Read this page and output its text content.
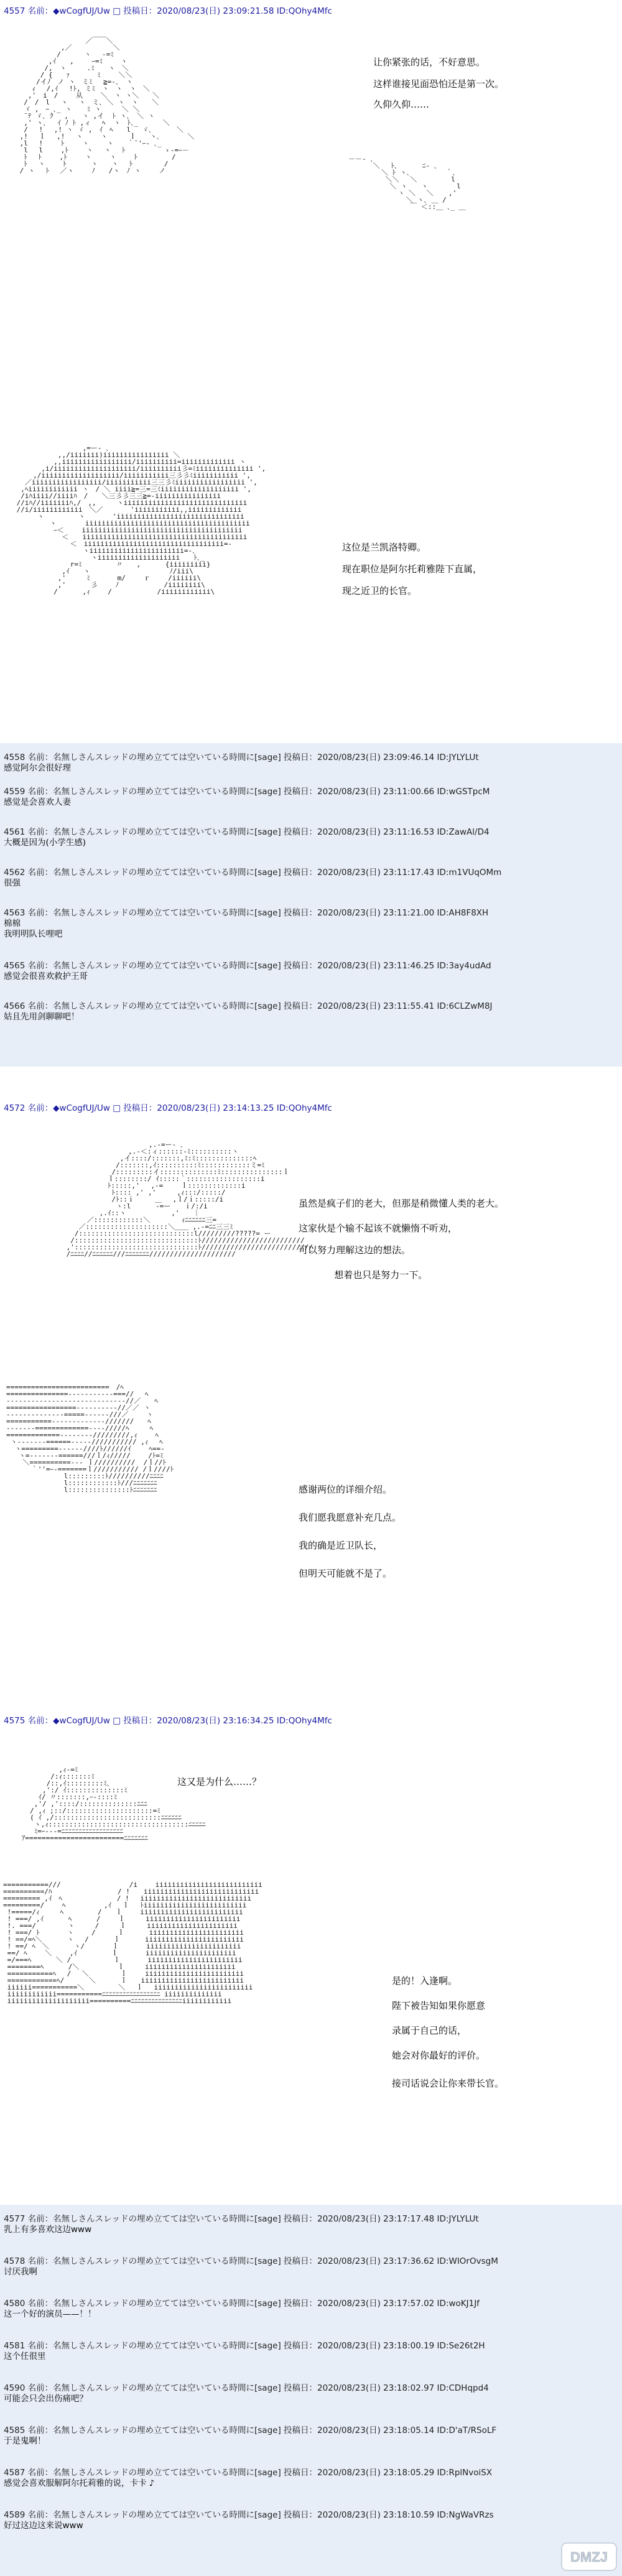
4557 名前：◆wCogfUJ/Uw □ 投稿日：2020/08/23(日) 23:09:21.58 ID:QOhy4Mfc
／￣￣＼
,／　　　　　　＼
/    　ヽ　 -=ﾐ
,ｲ　　,　　 ｰ=ﾐ　　 ヽ
/,　ヽ　　　.ﾐ　　ヽ　＼
/ {　　ｧ　　　　ﾐ　　 ＼＼
/イﾉ　ノ ヽ　ミﾐ　 ≧=-､　ヽ
ｨ　 /,ｲ　 !ﾄ, ミﾐ　ヽ　ヽ　ヽ　＼
,'　i　/　　 从　　 ＼　ヽ ヽ＼　　＼
/　/　l　 ヽ　 ヽ　ミ､ ＼ ヽ　ヽ　　＼
ゞ ,　ｰ ､_ ヽ 　 ﾐ ヽ　　　＼ ＼
¨ﾃ ゞ､ ｸ　 ,　　ヽ ,イ  ﾄ ヽ､　＼ ヽ
,' ヽ､　 ｲ ﾉ ﾄ ,ィ　 ﾍ  ヽ　ﾄ､_　　　 ＼
/　 !　 ,! ヽ ゞ ,　ｲ　ﾍ　　l　 ゞ､　　　 ＼
,!　 ｌ　 ,!　 ヽ　　 ヽ　　  ｌ　　ヽ､　　　　＼
,l　 !　　 ﾄ　　 ヽ 　　ヽ　　｀¨'ｰ- ､_
l　 l　　 ,ﾄ　　 ヽ　 ヽ　 ﾄ　　　　　 ゝ-=ｰ－
ﾄ　 ﾄ　　 ,ﾄ 　　ヽ　　 ヽ　　 ﾄ　　　　　/
ﾄ　 ヽ　　 ﾄ　　　 ヽ　　ヽ　 ﾄ　　　　 /
/ ヽ　 ﾄ　 ／ヽ　　 ﾉ　　/ヽ　ﾉ ヽ　　 ノ
－－- ､
＼　 ﾄ､　　　 ﾆ- ､
＼ ﾄ ヽ､ 　　　　 ｀､
＼＼　 ＼　　　　　l
＼ ヽ　　ヽ 　　　 l
ヽ ＼　 ＼ 　 ,'
＼ ヽ､ ＿ /
￣ ＜::＿ ､_ ＿
让你紧张的话，不好意思。
这样谁接见面恐怕还是第一次。
久仰久仰……
,=ー‐ ､
,,/iiiiiii)iiiiiiiiiiiiiiii ＼
,,iiiiiiiiiiiiiiiii/iiiiiiiiii=iiiiiiiiiiiii ヽ
,i/iiiiiiiiiiiiiiiiiiii/iiiiiiiiii彡=ﾐiiiiiiiiiiiiii ',
,/iiiiiiiiiiiiiiiiiii/iiiiiiiiiii三彡彡ﾐiiiiiiiiiii ',
／iiiiiiiiiiiiiiiii/iiiiiiiiiii三三彡ﾐiiiiiiiiiiiiiiiii ',
,ﾍiiiiiiiiiiii ヽ　/ ＼ iiii≧=三=三ﾐiiiiiiiiiiiiiiiiiii ',
/iﾊiiii//iiiiﾊ　/　　＼三彡彡三三≧=-iiiiiiiiiiiiiiii
//iﾊ//iiiiiiiﾊ,/　,,　　　ヽiiiiiiiiiiiiiiiiiiiiiiiiiiiiii
//i/iiiiiiiiiiii　＼／　　　　'iiiiiiiiiii,,iiiiiiiiiiiii
ヽ　　　　　ヽ　　　　'iiiiiiiiiiiiiiiiiiiiiiiiiiiiiii
ヽ　　 　 iiiiiiiiiiiiiiiiiiiiiiiiiiiiiiiiiiiiiiii
ｰ＜　　 iiiiiiiiiiiiiiiiiiiiiiiiiiiiiiiiiiiiiii
＜　　iiiiiiiiiiiiiiiiiiiiiiiiiiiiiiiiiiiiiiii
＜　iiiiiiiiiiiiiiiiiiiiiiiiiiiiiiiiii=-
ヽiiiiiiiiiiiiiiiiiiiiiii=-､
ヽiiiiiiiiiiiiiiiiiiii　　ﾄ､_
r=ﾐ　　　　　〃　　,　　　 {iiiiiiiii}
,ｲ　　ヽ　　　　　　　　　　　 ﾉ/iii\
,'　　　ﾐ　　　　m/　　 ｒ　　 /iiiiii\
,'　　　 彡　　 ﾉ　　　　　　 /iiiiiiii\
/　　　 ,ｨ　　 /　　　　　　 /iiiiiiiiiiii\
这位是兰凯洛特卿。
现在职位是阿尔托莉雅陛下直属，
现之近卫的长官。
4558 名前：名無しさんスレッドの埋め立てては空いている時間に[sage] 投稿日：2020/08/23(日) 23:09:46.14 ID:JYLYLUt
感觉阿尔会很好理
4559 名前：名無しさんスレッドの埋め立てては空いている時間に[sage] 投稿日：2020/08/23(日) 23:11:00.66 ID:wGSTpcM
感觉是会喜欢人妻
4561 名前：名無しさんスレッドの埋め立てては空いている時間に[sage] 投稿日：2020/08/23(日) 23:11:16.53 ID:ZawAl/D4
大概是因为(小学生感)
4562 名前：名無しさんスレッドの埋め立てては空いている時間に[sage] 投稿日：2020/08/23(日) 23:11:17.43 ID:m1VUqOMm
很强
4563 名前：名無しさんスレッドの埋め立てては空いている時間に[sage] 投稿日：2020/08/23(日) 23:11:21.00 ID:AH8F8XH
棉棉
我明明队长哩吧
4565 名前：名無しさんスレッドの埋め立てては空いている時間に[sage] 投稿日：2020/08/23(日) 23:11:46.25 ID:3ay4udAd
感觉会很喜欢救护王哥
4566 名前：名無しさんスレッドの埋め立てては空いている時間に[sage] 投稿日：2020/08/23(日) 23:11:55.41 ID:6CLZwM8J
姑且先用剑聊聊吧！
4572 名前：◆wCogfUJ/Uw □ 投稿日：2020/08/23(日) 23:14:13.25 ID:QOhy4Mfc
,.-=ー‐ ､
,.-＜:ィ::::::-ﾐ::::::::::ヽ
,イ::::/:::::::,ﾐ:ﾐ::::::::::::::ﾍ
/:::::::,ｲ::::::::::ﾐ::::::::::::ミ=ﾐ
/:::::::::イ::::::::::::::ﾐ:::::::::::::::ｌ
ｌ::::::::/ ｲ:::::｀::::::::::::::::::i
ﾄ:::::,'　 ,-=　　 ｌ:::::::::::::i
ﾄ:::: ,' ,'　　　,ｨ:::/:::::/
/ﾄ::ｉ　　　＿　 ,ｌ/ｉ:::::/i
ヽ:l　　　 -=ー　　ｉ/:/i
,.ｲ::ヽ　　　　　　 ,'　　｜
／::::::::::::＼　　　　 ｨﾆﾆﾆﾆﾆﾆ三=
／::::::::::::::::::::＼＿＿ ,.-=ﾆﾆ三三ﾐ
/::::::::::::::::::::::::::::l/////////?????= ー
/::::::::::::::::::::::::::::::ﾄ/////////////////////////
,'::::::::::::::::::::::::::::::ﾄ///////////////////////////
/ﾆﾆﾆﾆ//ﾆﾆﾆﾆﾆﾆ///ﾆﾆﾆﾆﾆﾆﾆ/////////////////////
虽然是疯子们的老大，但那是稍微懂人类的老大。
这家伙是个输不起该不就懒惰不听劝，
可以努力理解这边的想法。
想着也只是努力一下。
=========================　/ﾍ
===============-----------===//　 ﾍ
-----------------------------//／　　ﾍ
=================----------//／／ ヽ
--------------=====------///／　　 ヽ
===========-------------///////　　ﾍ
-------=============----/////ﾍ　　　ﾍ
=============--------/////////,ｨ　　 ﾍ
ヽ-------======-----/////////// ,ｨ　 ﾍ
ヽ=========------////ﾄ//////ｲ　　 ﾍ==-
ヽ=-------======///ｌ/ｨ/////　　 /ﾄ=ﾐ
＼==========--- ｌ//////////  /ｌ//ﾄ
｀''=ｰ-=======ｌ/////////// /ｌ////ﾄ
l:::::::::ﾄ//////////ﾆﾆﾆﾆ
l::::::::::::ﾄ///ﾆﾆﾆﾆﾆﾆﾆ
l:::::::::::::::ﾄﾆﾆﾆﾆﾆﾆﾆ	感谢两位的详细介绍。
我们愿我愿意补充几点。
我的确是近卫队长，
但明天可能就不是了。
4575 名前：◆wCogfUJ/Uw □ 投稿日：2020/08/23(日) 23:16:34.25 ID:QOhy4Mfc
,ｨ-=ﾐ
/:ｨ:::::::ﾐ
/::,ｲ:::::::::ﾐ､
,':/ ｲ::::::::::::::ﾐ
ｲ/ 〃:::::::,ｰ-::::ﾐ
,'/ ,'::::/::::::::::::::ﾆﾆﾆ
/ ,ｨ ;::/:::::::::::::::::::::=ﾐ
( ｲ ,/::::::::::::::::::::::::::ﾆﾆﾆﾆﾆﾆ
ヽ,ｨ::::::::::::::::::::::::::::::::::ﾆﾆﾆﾆﾆ
ﾐ=ｰ‐‐‐=ﾆﾆﾆﾆﾆﾆﾆﾆﾆﾆﾆﾆﾆﾆﾆﾆﾆﾆ
ｱ========================ﾆﾆﾆﾆﾆﾆﾆ
这又是为什么……？
===========///　　　　　　　　　　/i　　 iiiiiiiiiiiiiiiiiiiiiiiiii
==========/ﾊ　　　　　　　　　 / !　　iiiiiiiiiiiiiiiiiiiiiiiiiiii
========= ,ｲ　ﾍ　　　　　　　　/ !　 iiiiiiiiiiiiiiiiiiiiiiiiiii
=========/　　 ﾍ　　　　　 ,ｲ　 ｌ　 ﾄiiiiiiiiiiiiiiiiiiiiiiiii
!=====/ｨ　　　ﾍ　　　　　/　　ｌ　　 iiiiiiiiiiiiiiiiiiiiiiiii
! ===/ ,ｲ　　　 ﾍ　　　 /　　 ｌ　　　iiiiiiiiiiiiiiiiiiiiiii
!. ===/　　　　 ヽ　　　/　　　ｌ　　　iiiiiiiiiiiiiiiiiiiiii
! ===/ ﾄ　　　　ヽ　 　/ 　　 ｌ　　　 iiiiiiiiiiiiiiiiiiiiiii
! ==/=ﾍ＼　　　 ヽ　 /　　　 ｌ　　　 iiiiiiiiiiiiiiiiiiiiiiii
! ==/ ﾍ　＼　　　 ヽ/　　　　ｌ　　　　iiiiiiiiiiiiiiiiiiiiiii
==/ ﾍ　　 ＼　　 ,ｲ　　　　　ｌ　　　　iiiiiiiiiiiiiiiiiiiiii
=/===ﾍ　　　 ＼ /　　　　 　 ｌ　　　　iiiiiiiiiiiiiiiiiiiiiii
========ﾍ　　　 /＼　　　　　 ｌ　　　iiiiiiiiiiiiiiiiiiiiii
===========ﾍ　 /　 ＼　　　　 ｌ　　 iiiiiiiiiiiiiiiiiiiiiiii
============ﾍ/ 　　　＼　　　 ｌ　　iiiiiiiiiiiiiiiiiiiiiiiii
iiiiii===========＼　　　　　＼　 ｌ　 iiiiiiiiiiiiiiiiiiiiiiii
iiiiiiiiiiii===========ﾆﾆﾆﾆﾆﾆﾆﾆﾆﾆﾆﾆﾆﾆﾆﾆﾆ iiiiiiiiiiiiii
iiiiiiiiiiiiiiiiiiii==========ﾆﾆﾆﾆﾆﾆﾆﾆﾆﾆﾆﾆﾆﾆﾆiiiiiiiiiiii
是的！入逢啊。
陛下被告知如果你愿意
录属于自己的话，
她会对你最好的评价。
接司话说会让你来带长官。
4577 名前：名無しさんスレッドの埋め立てては空いている時間に[sage] 投稿日：2020/08/23(日) 23:17:17.48 ID:JYLYLUt
乳上有多喜欢这边www
4578 名前：名無しさんスレッドの埋め立てては空いている時間に[sage] 投稿日：2020/08/23(日) 23:17:36.62 ID:WIOrOvsgM
讨厌我啊
4580 名前：名無しさんスレッドの埋め立てては空いている時間に[sage] 投稿日：2020/08/23(日) 23:17:57.02 ID:woKJ1Jf
这一个好的演员——！！
4581 名前：名無しさんスレッドの埋め立てては空いている時間に[sage] 投稿日：2020/08/23(日) 23:18:00.19 ID:Se26t2H
这个任很里
4590 名前：名無しさんスレッドの埋め立てては空いている時間に[sage] 投稿日：2020/08/23(日) 23:18:02.97 ID:CDHqpd4
可能会只会出伤痛吧？
4585 名前：名無しさんスレッドの埋め立てては空いている時間に[sage] 投稿日：2020/08/23(日) 23:18:05.14 ID:D'aT/RSoLF
于是鬼啊！
4587 名前：名無しさんスレッドの埋め立てては空いている時間に[sage] 投稿日：2020/08/23(日) 23:18:05.29 ID:RplNvoiSX
感觉会喜欢服解阿尔托莉雅的说，卡卡 ♪
4589 名前：名無しさんスレッドの埋め立てては空いている時間に[sage] 投稿日：2020/08/23(日) 23:18:10.59 ID:NgWaVRzs
好过这边这来说www
DMZJ
